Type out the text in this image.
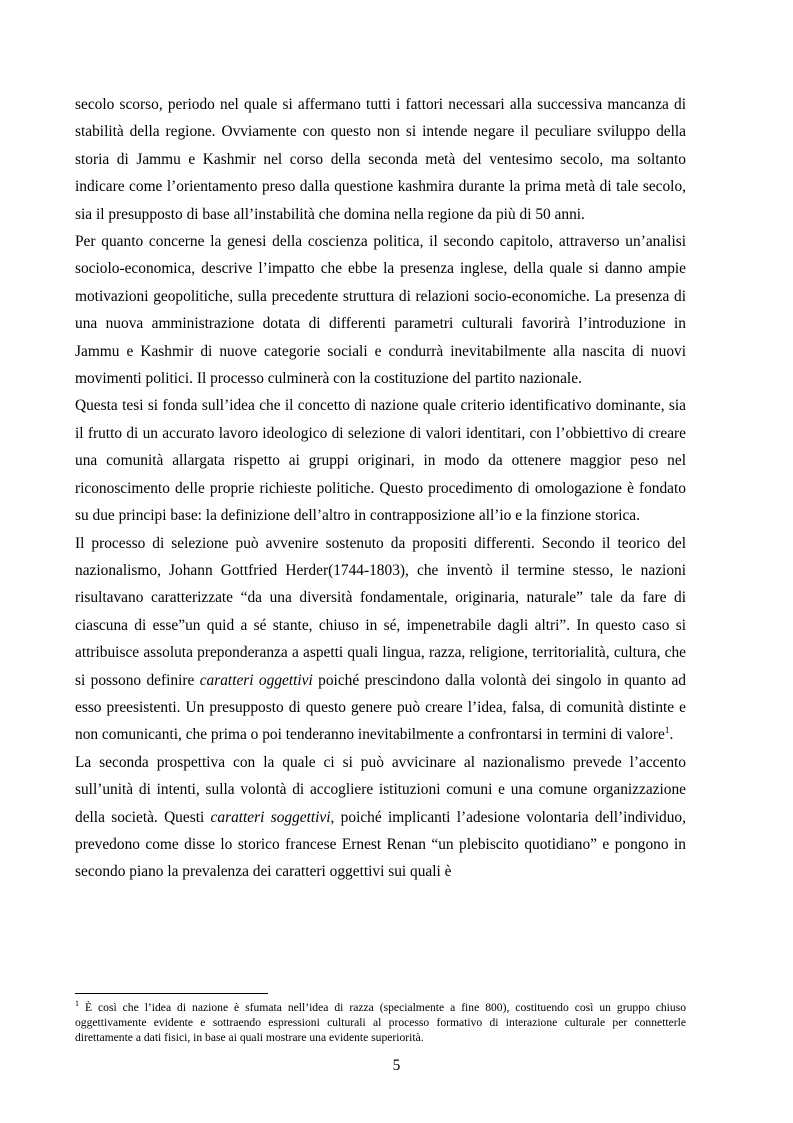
secolo scorso, periodo nel quale si affermano tutti i fattori necessari alla successiva mancanza di stabilità della regione. Ovviamente con questo non si intende negare il peculiare sviluppo della storia di Jammu e Kashmir nel corso della seconda metà del ventesimo secolo, ma soltanto indicare come l’orientamento preso dalla questione kashmira durante la prima metà di tale secolo, sia il presupposto di base all’instabilità che domina nella regione da più di 50 anni.

Per quanto concerne la genesi della coscienza politica, il secondo capitolo, attraverso un’analisi sociolo-economica, descrive l’impatto che ebbe la presenza inglese, della quale si danno ampie motivazioni geopolitiche, sulla precedente struttura di relazioni socio-economiche. La presenza di una nuova amministrazione dotata di differenti parametri culturali favorirà l’introduzione in Jammu e Kashmir di nuove categorie sociali e condurrà inevitabilmente alla nascita di nuovi movimenti politici. Il processo culminerà con la costituzione del partito nazionale.

Questa tesi si fonda sull’idea che il concetto di nazione quale criterio identificativo dominante, sia il frutto di un accurato lavoro ideologico di selezione di valori identitari, con l’obbiettivo di creare una comunità allargata rispetto ai gruppi originari, in modo da ottenere maggior peso nel riconoscimento delle proprie richieste politiche. Questo procedimento di omologazione è fondato su due principi base: la definizione dell’altro in contrapposizione all’io e la finzione storica.

Il processo di selezione può avvenire sostenuto da propositi differenti. Secondo il teorico del nazionalismo, Johann Gottfried Herder(1744-1803), che inventò il termine stesso, le nazioni risultavano caratterizzate “da una diversità fondamentale, originaria, naturale” tale da fare di ciascuna di esse”un quid a sé stante, chiuso in sé, impenetrabile dagli altri”. In questo caso si attribuisce assoluta preponderanza a aspetti quali lingua, razza, religione, territorialità, cultura, che si possono definire caratteri oggettivi poiché prescindono dalla volontà dei singolo in quanto ad esso preesistenti. Un presupposto di questo genere può creare l’idea, falsa, di comunità distinte e non comunicanti, che prima o poi tenderanno inevitabilmente a confrontarsi in termini di valore$^1$.

La seconda prospettiva con la quale ci si può avvicinare al nazionalismo prevede l’accento sull’unità di intenti, sulla volontà di accogliere istituzioni comuni e una comune organizzazione della società. Questi caratteri soggettivi, poiché implicanti l’adesione volontaria dell’individuo, prevedono come disse lo storico francese Ernest Renan “un plebiscito quotidiano” e pongono in secondo piano la prevalenza dei caratteri oggettivi sui quali è

$^1$ È così che l’idea di nazione è sfumata nell’idea di razza (specialmente a fine 800), costituendo così un gruppo chiuso oggettivamente evidente e sottraendo espressioni culturali al processo formativo di interazione culturale per connetterle direttamente a dati fisici, in base ai quali mostrare una evidente superiorità.
5
